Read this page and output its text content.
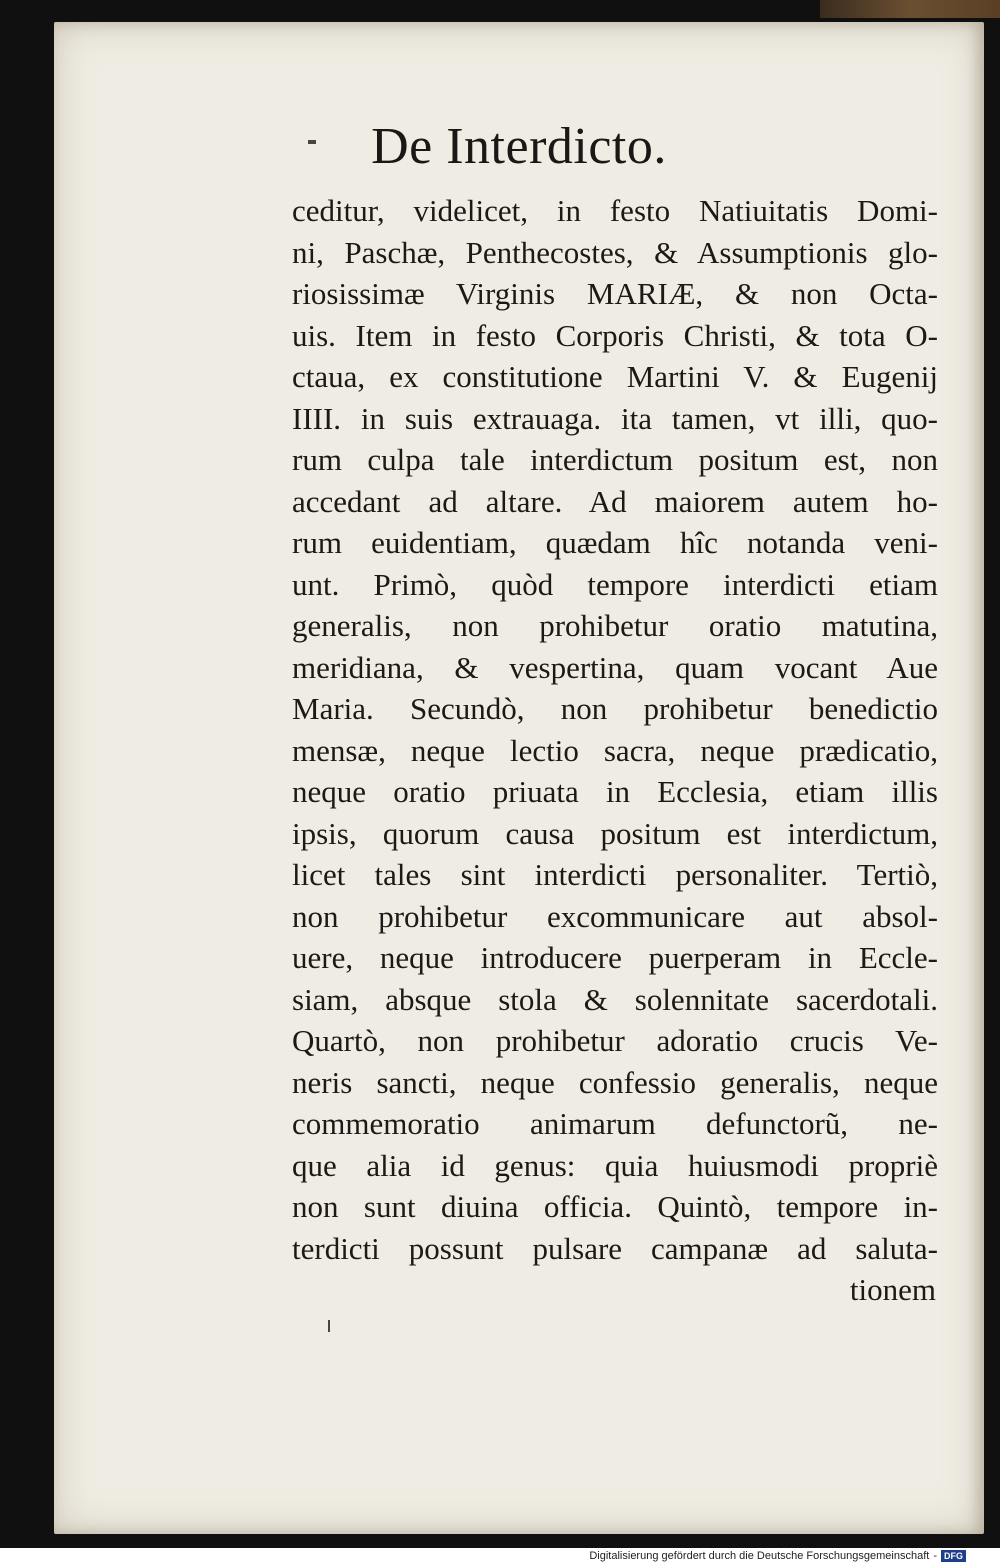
De Interdicto.
ceditur, videlicet, in festo Natiuitatis Domi-
ni, Paschæ, Penthecostes, & Assumptionis glo-
riosissimæ Virginis MARIÆ, & non Octa-
uis. Item in festo Corporis Christi, & tota O-
ctaua, ex constitutione Martini V. & Eugenij
IIII. in suis extrauaga. ita tamen, vt illi, quo-
rum culpa tale interdictum positum est, non
accedant ad altare. Ad maiorem autem ho-
rum euidentiam, quædam hîc notanda veni-
unt. Primò, quòd tempore interdicti etiam
generalis, non prohibetur oratio matutina,
meridiana, & vespertina, quam vocant Aue
Maria. Secundò, non prohibetur benedictio
mensæ, neque lectio sacra, neque prædicatio,
neque oratio priuata in Ecclesia, etiam illis
ipsis, quorum causa positum est interdictum,
licet tales sint interdicti personaliter. Tertiò,
non prohibetur excommunicare aut absol-
uere, neque introducere puerperam in Eccle-
siam, absque stola & solennitate sacerdotali.
Quartò, non prohibetur adoratio crucis Ve-
neris sancti, neque confessio generalis, neque
commemoratio animarum defunctorũ, ne-
que alia id genus: quia huiusmodi propriè
non sunt diuina officia. Quintò, tempore in-
terdicti possunt pulsare campanæ ad saluta-
tionem
Digitalisierung gefördert durch die Deutsche Forschungsgemeinschaft - DFG
